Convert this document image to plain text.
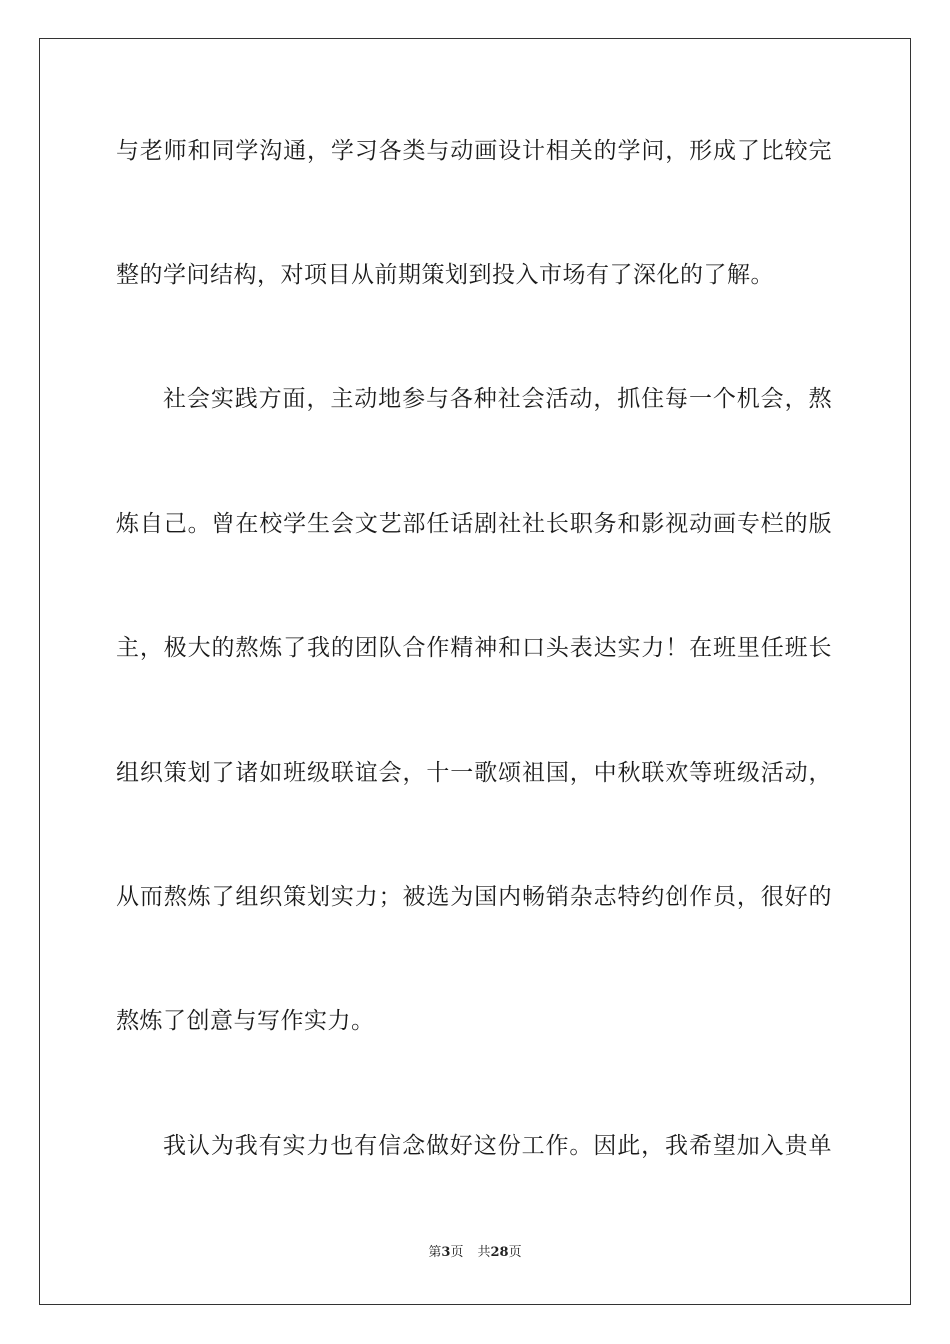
与老师和同学沟通，学习各类与动画设计相关的学问，形成了比较完
整的学问结构，对项目从前期策划到投入市场有了深化的了解。
社会实践方面，主动地参与各种社会活动，抓住每一个机会，熬
炼自己。曾在校学生会文艺部任话剧社社长职务和影视动画专栏的版
主，极大的熬炼了我的团队合作精神和口头表达实力！在班里任班长
组织策划了诸如班级联谊会，十一歌颂祖国，中秋联欢等班级活动，
从而熬炼了组织策划实力；被选为国内畅销杂志特约创作员，很好的
熬炼了创意与写作实力。
我认为我有实力也有信念做好这份工作。因此，我希望加入贵单
第3页 共28页
